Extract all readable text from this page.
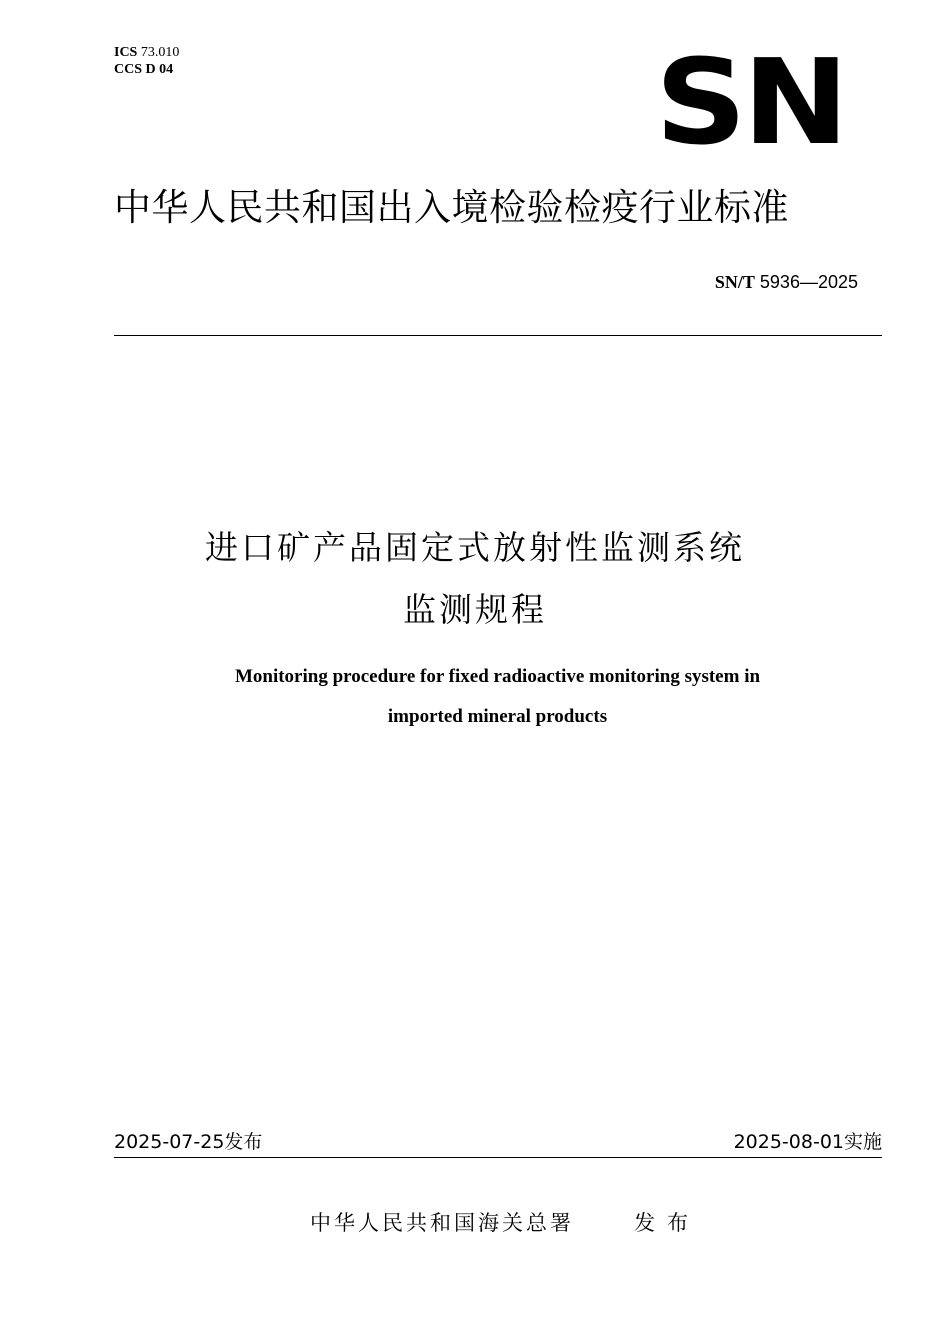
ICS 73.010
CCS D 04	SN
中华人民共和国出入境检验检疫行业标准
SN/T 5936—2025
进口矿产品固定式放射性监测系统
监测规程
Monitoring procedure for fixed radioactive monitoring system in
imported mineral products
2025-07-25发布	2025-08-01实施
中华人民共和国海关总署	发布
